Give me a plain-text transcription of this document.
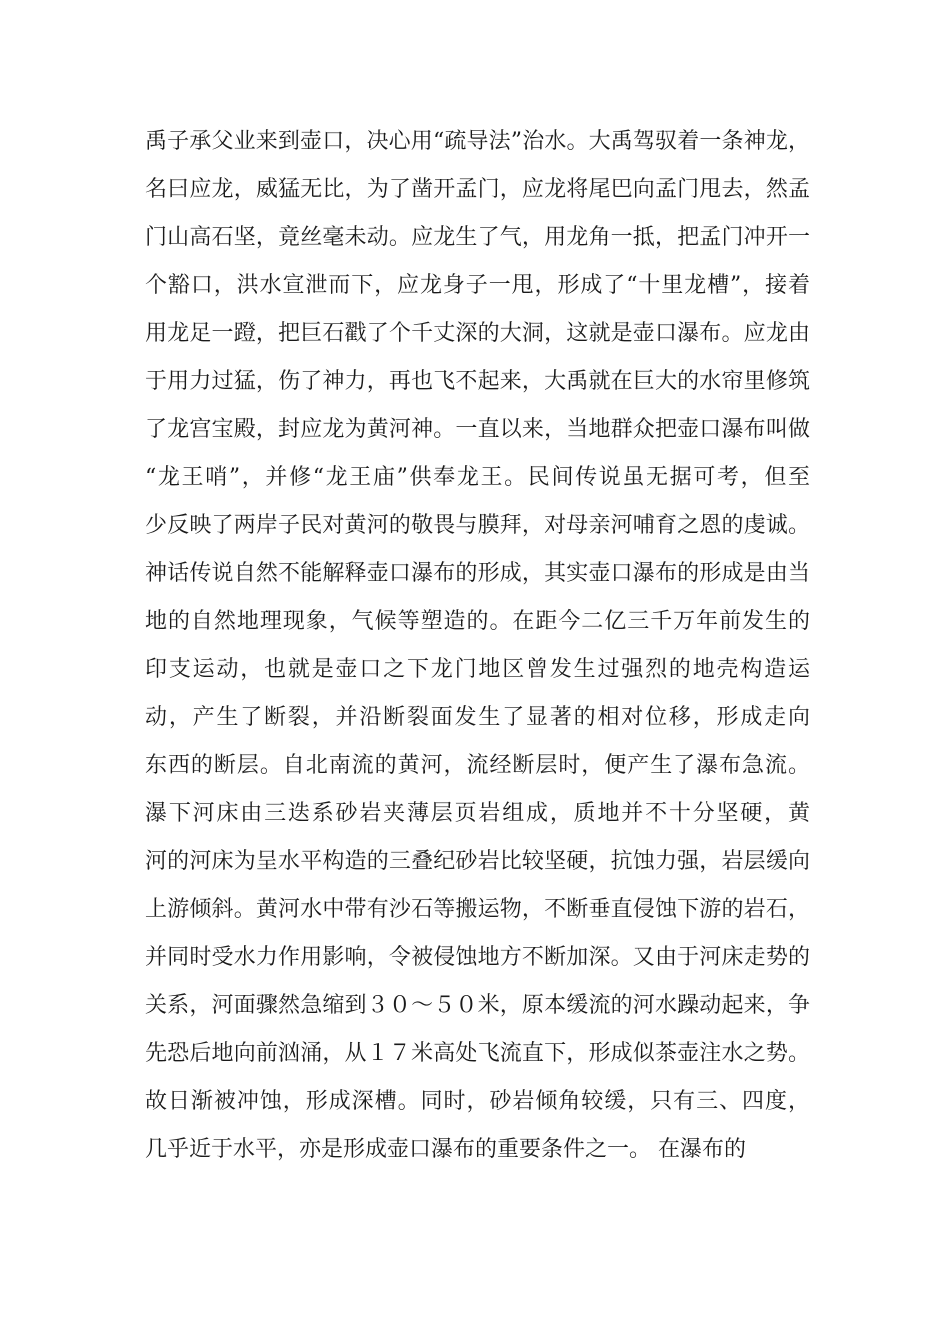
禹子承父业来到壶口，决心用“疏导法”治水。大禹驾驭着一条神龙，
名曰应龙，威猛无比，为了凿开孟门，应龙将尾巴向孟门甩去，然孟
门山高石坚，竟丝毫未动。应龙生了气，用龙角一抵，把孟门冲开一
个豁口，洪水宣泄而下，应龙身子一甩，形成了“十里龙槽”，接着
用龙足一蹬，把巨石戳了个千丈深的大洞，这就是壶口瀑布。应龙由
于用力过猛，伤了神力，再也飞不起来，大禹就在巨大的水帘里修筑
了龙宫宝殿，封应龙为黄河神。一直以来，当地群众把壶口瀑布叫做
“龙王哨”，并修“龙王庙”供奉龙王。民间传说虽无据可考，但至
少反映了两岸子民对黄河的敬畏与膜拜，对母亲河哺育之恩的虔诚。
神话传说自然不能解释壶口瀑布的形成，其实壶口瀑布的形成是由当
地的自然地理现象，气候等塑造的。在距今二亿三千万年前发生的
印支运动，也就是壶口之下龙门地区曾发生过强烈的地壳构造运
动，产生了断裂，并沿断裂面发生了显著的相对位移，形成走向
东西的断层。自北南流的黄河，流经断层时，便产生了瀑布急流。
瀑下河床由三迭系砂岩夹薄层页岩组成，质地并不十分坚硬，黄
河的河床为呈水平构造的三叠纪砂岩比较坚硬，抗蚀力强，岩层缓向
上游倾斜。黄河水中带有沙石等搬运物，不断垂直侵蚀下游的岩石，
并同时受水力作用影响，令被侵蚀地方不断加深。又由于河床走势的
关系，河面骤然急缩到３０～５０米，原本缓流的河水躁动起来，争
先恐后地向前汹涌，从１７米高处飞流直下，形成似茶壶注水之势。
故日渐被冲蚀，形成深槽。同时，砂岩倾角较缓，只有三、四度，
几乎近于水平，亦是形成壶口瀑布的重要条件之一。 在瀑布的
